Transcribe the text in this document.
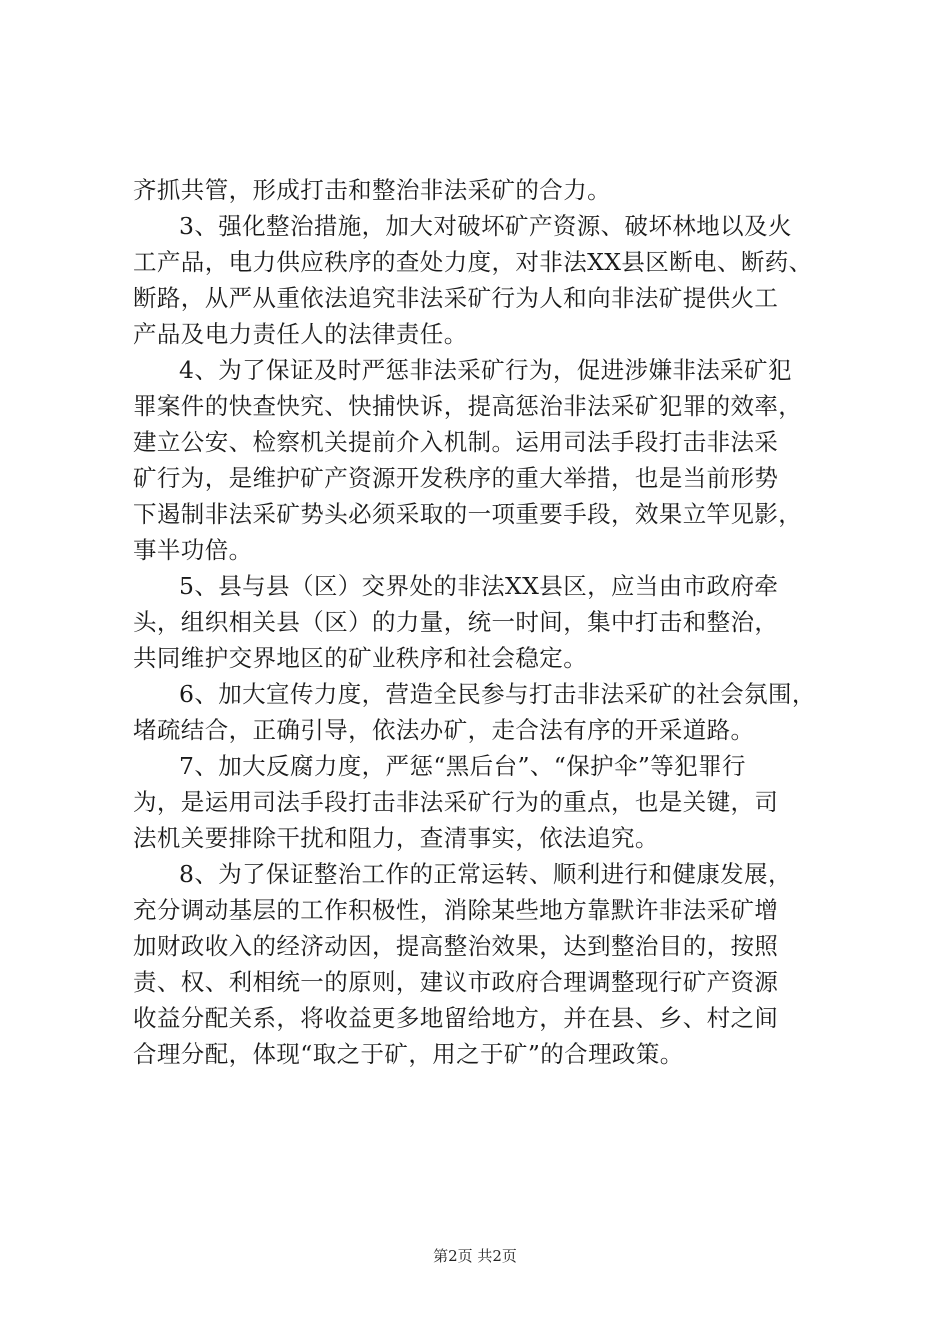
齐抓共管，形成打击和整治非法采矿的合力。
3、强化整治措施，加大对破坏矿产资源、破坏林地以及火
工产品，电力供应秩序的查处力度，对非法XX县区断电、断药、
断路，从严从重依法追究非法采矿行为人和向非法矿提供火工
产品及电力责任人的法律责任。
4、为了保证及时严惩非法采矿行为，促进涉嫌非法采矿犯
罪案件的快查快究、快捕快诉，提高惩治非法采矿犯罪的效率，
建立公安、检察机关提前介入机制。运用司法手段打击非法采
矿行为，是维护矿产资源开发秩序的重大举措，也是当前形势
下遏制非法采矿势头必须采取的一项重要手段，效果立竿见影，
事半功倍。
5、县与县（区）交界处的非法XX县区，应当由市政府牵
头，组织相关县（区）的力量，统一时间，集中打击和整治，
共同维护交界地区的矿业秩序和社会稳定。
6、加大宣传力度，营造全民参与打击非法采矿的社会氛围，
堵疏结合，正确引导，依法办矿，走合法有序的开采道路。
7、加大反腐力度，严惩“黑后台”、“保护伞”等犯罪行
为，是运用司法手段打击非法采矿行为的重点，也是关键，司
法机关要排除干扰和阻力，查清事实，依法追究。
8、为了保证整治工作的正常运转、顺利进行和健康发展，
充分调动基层的工作积极性，消除某些地方靠默许非法采矿增
加财政收入的经济动因，提高整治效果，达到整治目的，按照
责、权、利相统一的原则，建议市政府合理调整现行矿产资源
收益分配关系，将收益更多地留给地方，并在县、乡、村之间
合理分配，体现“取之于矿，用之于矿”的合理政策。
第2页 共2页
